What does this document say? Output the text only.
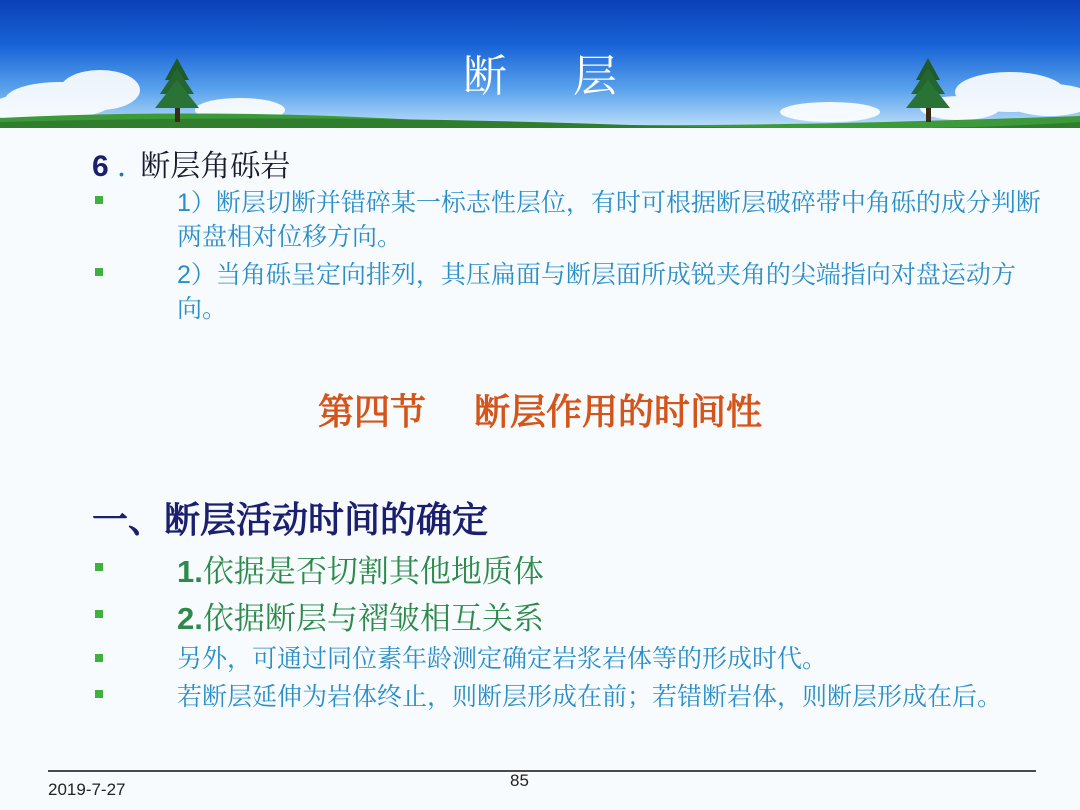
断 层
6 . 断层角砾岩
1）断层切断并错碎某一标志性层位，有时可根据断层破碎带中角砾的成分判断两盘相对位移方向。
2）当角砾呈定向排列，其压扁面与断层面所成锐夹角的尖端指向对盘运动方向。
第四节 断层作用的时间性
一、断层活动时间的确定
1.依据是否切割其他地质体
2.依据断层与褶皱相互关系
另外，可通过同位素年龄测定确定岩浆岩体等的形成时代。
若断层延伸为岩体终止，则断层形成在前；若错断岩体，则断层形成在后。
2019-7-27	85
